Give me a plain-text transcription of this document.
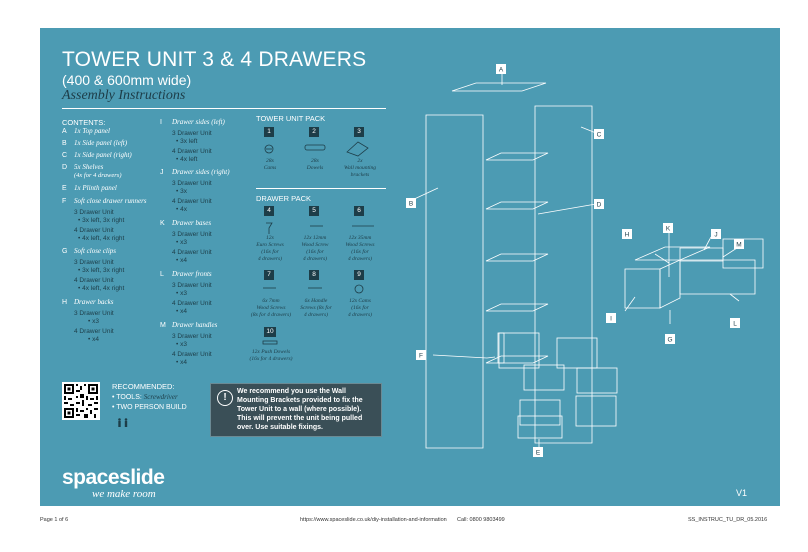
TOWER UNIT 3 & 4 DRAWERS
(400 & 600mm wide)
Assembly Instructions
CONTENTS:
A 1x Top panel
B 1x Side panel (left)
C 1x Side panel (right)
D 5x Shelves
(4x for 4 drawers)
E 1x Plinth panel
F Soft close drawer runners
3 Drawer Unit
• 3x left, 3x right
4 Drawer Unit
• 4x left, 4x right
G Soft close clips
3 Drawer Unit
• 3x left, 3x right
4 Drawer Unit
• 4x left, 4x right
H Drawer backs
3 Drawer Unit
• x3
4 Drawer Unit
• x4
I Drawer sides (left)
3 Drawer Unit
• 3x left
4 Drawer Unit
• 4x left
J Drawer sides (right)
3 Drawer Unit
• 3x
4 Drawer Unit
• 4x
K Drawer bases
3 Drawer Unit
• x3
4 Drawer Unit
• x4
L Drawer fronts
3 Drawer Unit
• x3
4 Drawer Unit
• x4
M Drawer handles
3 Drawer Unit
• x3
4 Drawer Unit
• x4
TOWER UNIT PACK
1	2	3
28x
Cams
28x
Dowels
2x
Wall mounting
brackets
DRAWER PACK
4	5	6
12x
Euro Screws
(16x for
4 drawers)
12x 12mm
Wood Screw
(16x for
4 drawers)
12x 35mm
Wood Screws
(16x for
4 drawers)
7	8	9
6x 7mm
Wood Screws
(8x for 4 drawers)
6x Handle
Screws (8x for
4 drawers)
12x Cams
(16x for
4 drawers)
10
12x Push Dowels
(16x for 4 drawers)
RECOMMENDED:
• TOOLS: Screwdriver
• TWO PERSON BUILD
!
We recommend you use the Wall Mounting Brackets provided to fix the Tower Unit to a wall (where possible). This will prevent the unit being pulled over. Use suitable fixings.
spaceslide
we make room	V1
A
B
C
D
E
F
G
H
I
J
K
L
M
Page 1 of 6	https://www.spaceslide.co.uk/diy-installation-and-information Call: 0800 9803499	SS_INSTRUC_TU_DR_05.2016
